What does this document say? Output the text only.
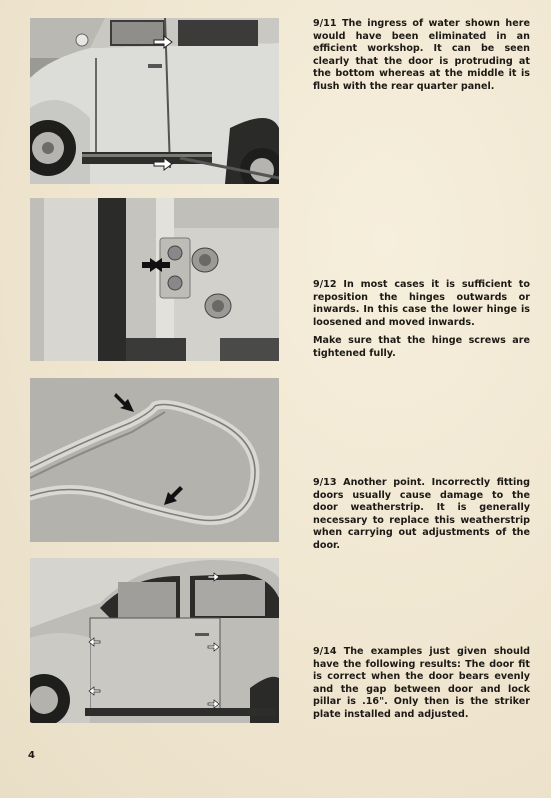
9/11 The ingress of water shown here would have been eliminated in an efficient workshop. It can be seen clearly that the door is protruding at the bottom whereas at the middle it is flush with the rear quarter panel.

9/12 In most cases it is sufficient to reposition the hinges outwards or inwards. In this case the lower hinge is loosened and moved inwards.

Make sure that the hinge screws are tightened fully.

9/13 Another point. Incorrectly fitting doors usually cause damage to the door weatherstrip. It is generally necessary to replace this weatherstrip when carrying out adjustments of the door.

9/14 The examples just given should have the following results: The door fit is correct when the door bears evenly and the gap between door and lock pillar is .16". Only then is the striker plate installed and adjusted.

4
